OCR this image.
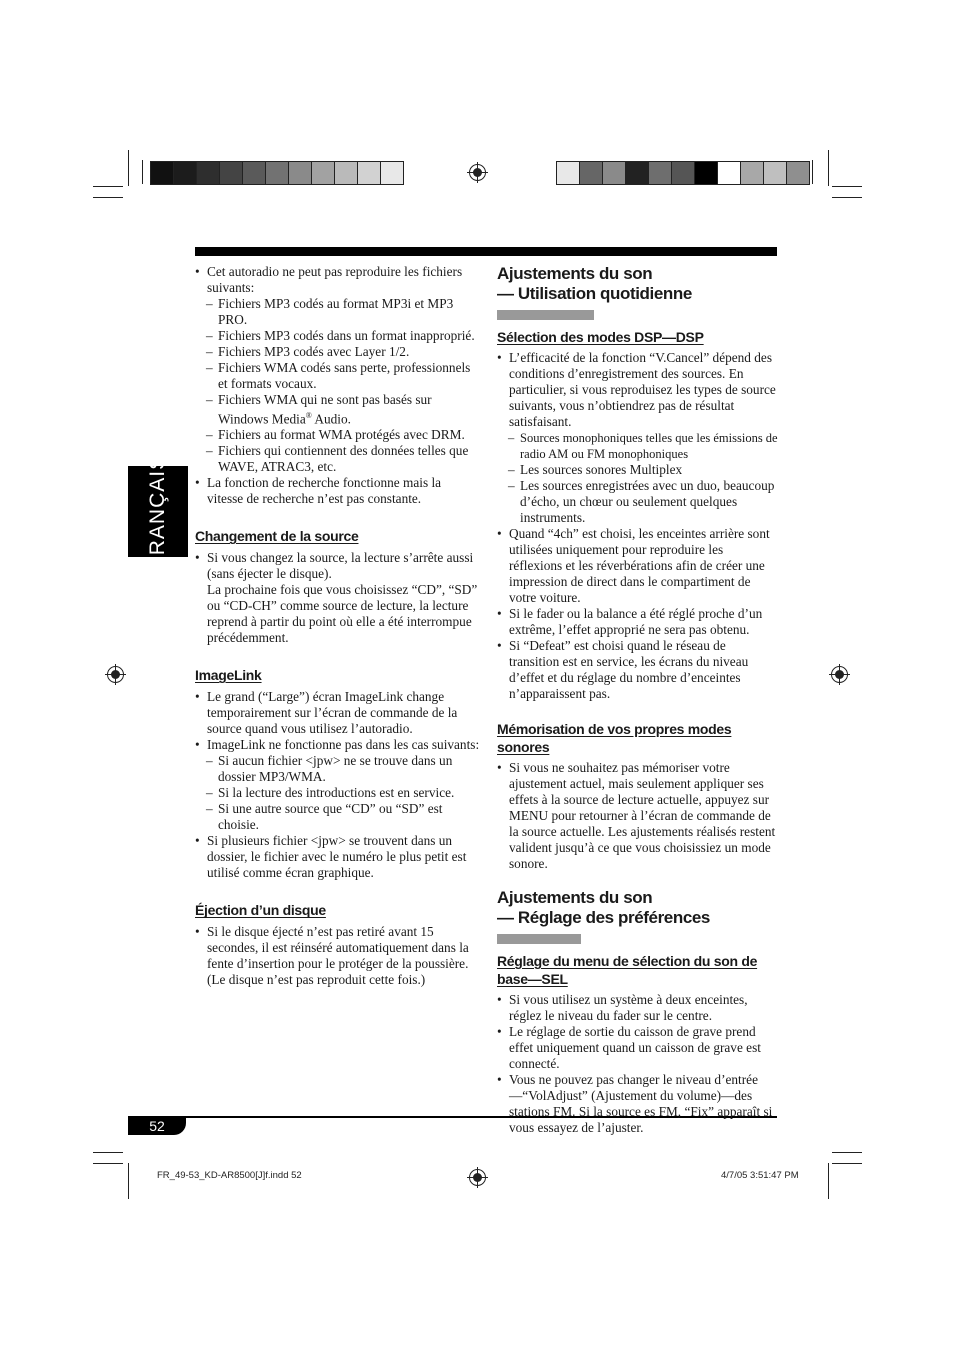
FRANÇAIS
52
FR_49-53_KD-AR8500[J]f.indd 52	4/7/05 3:51:47 PM
• Cet autoradio ne peut pas reproduire les fichiers suivants:
– Fichiers MP3 codés au format MP3i et MP3 PRO.
– Fichiers MP3 codés dans un format inapproprié.
– Fichiers MP3 codés avec Layer 1/2.
– Fichiers WMA codés sans perte, professionnels et formats vocaux.
– Fichiers WMA qui ne sont pas basés sur Windows Media® Audio.
– Fichiers au format WMA protégés avec DRM.
– Fichiers qui contiennent des données telles que WAVE, ATRAC3, etc.
• La fonction de recherche fonctionne mais la vitesse de recherche n’est pas constante.
Changement de la source
• Si vous changez la source, la lecture s’arrête aussi (sans éjecter le disque).
La prochaine fois que vous choisissez “CD”, “SD” ou “CD-CH” comme source de lecture, la lecture reprend à partir du point où elle a été interrompue précédemment.
ImageLink
• Le grand (“Large”) écran ImageLink change temporairement sur l’écran de commande de la source quand vous utilisez l’autoradio.
• ImageLink ne fonctionne pas dans les cas suivants:
– Si aucun fichier <jpw> ne se trouve dans un dossier MP3/WMA.
– Si la lecture des introductions est en service.
– Si une autre source que “CD” ou “SD” est choisie.
• Si plusieurs fichier <jpw> se trouvent dans un dossier, le fichier avec le numéro le plus petit est utilisé comme écran graphique.
Éjection d’un disque
• Si le disque éjecté n’est pas retiré avant 15 secondes, il est réinséré automatiquement dans la fente d’insertion pour le protéger de la poussière. (Le disque n’est pas reproduit cette fois.)
Ajustements du son
— Utilisation quotidienne
Sélection des modes DSP—DSP
• L’efficacité de la fonction “V.Cancel” dépend des conditions d’enregistrement des sources. En particulier, si vous reproduisez les types de source suivants, vous n’obtiendrez pas de résultat satisfaisant.
– Sources monophoniques telles que les émissions de radio AM ou FM monophoniques
– Les sources sonores Multiplex
– Les sources enregistrées avec un duo, beaucoup d’écho, un chœur ou seulement quelques instruments.
• Quand “4ch” est choisi, les enceintes arrière sont utilisées uniquement pour reproduire les réflexions et les réverbérations afin de créer une impression de direct dans le compartiment de votre voiture.
• Si le fader ou la balance a été réglé proche d’un extrême, l’effet approprié ne sera pas obtenu.
• Si “Defeat” est choisi quand le réseau de transition est en service, les écrans du niveau d’effet et du réglage du nombre d’enceintes n’apparaissent pas.
Mémorisation de vos propres modes sonores
• Si vous ne souhaitez pas mémoriser votre ajustement actuel, mais seulement appliquer ses effets à la source de lecture actuelle, appuyez sur MENU pour retourner à l’écran de commande de la source actuelle. Les ajustements réalisés restent valident jusqu’à ce que vous choisissiez un mode sonore.
Ajustements du son
— Réglage des préférences
Réglage du menu de sélection du son de base—SEL
• Si vous utilisez un système à deux enceintes, réglez le niveau du fader sur le centre.
• Le réglage de sortie du caisson de grave prend effet uniquement quand un caisson de grave est connecté.
• Vous ne pouvez pas changer le niveau d’entrée—“VolAdjust” (Ajustement du volume)—des stations FM. Si la source es FM, “Fix” apparaît si vous essayez de l’ajuster.
